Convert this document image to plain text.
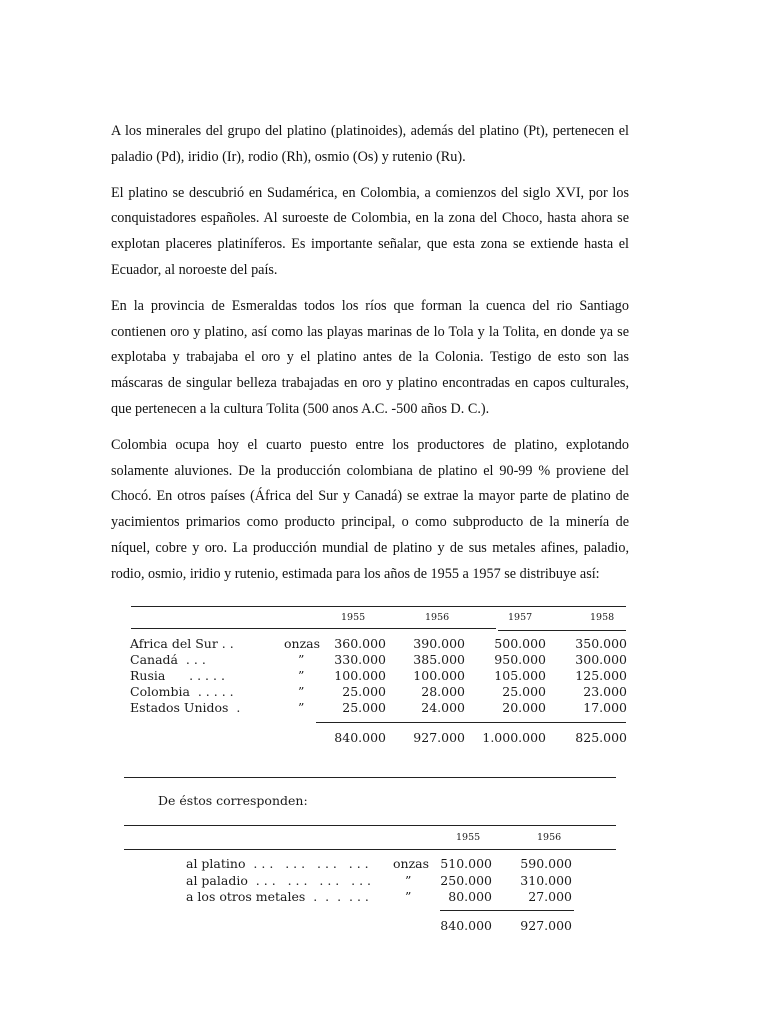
A los minerales del grupo del platino (platinoides), además del platino (Pt), pertenecen el paladio (Pd), iridio (Ir), rodio (Rh), osmio (Os) y rutenio (Ru).

El platino se descubrió en Sudamérica, en Colombia, a comienzos del siglo XVI, por los conquistadores españoles. Al suroeste de Colombia, en la zona del Choco, hasta ahora se explotan placeres platiníferos. Es importante señalar, que esta zona se extiende hasta el Ecuador, al noroeste del país.

En la provincia de Esmeraldas todos los ríos que forman la cuenca del rio Santiago contienen oro y platino, así como las playas marinas de lo Tola y la Tolita, en donde ya se explotaba y trabajaba el oro y el platino antes de la Colonia. Testigo de esto son las máscaras de singular belleza trabajadas en oro y platino encontradas en capos culturales, que pertenecen a la cultura Tolita (500 anos A.C. -500 años D. C.).

Colombia ocupa hoy el cuarto puesto entre los productores de platino, explotando solamente aluviones. De la producción colombiana de platino el 90-99 % proviene del Chocó. En otros países (África del Sur y Canadá) se extrae la mayor parte de platino de yacimientos primarios como producto principal, o como subproducto de la minería de níquel, cobre y oro. La producción mundial de platino y de sus metales afines, paladio, rodio, osmio, iridio y rutenio, estimada para los años de 1955 a 1957 se distribuye así:

1955	1956	1957	1958
Africa del Sur . .	onzas 360.000 390.000 500.000 350.000
Canadá  . . .	” 330.000 385.000 950.000 300.000
Rusia      . . . . .	” 100.000 100.000 105.000 125.000
Colombia  . . . . .	”	25.000	28.000	25.000	23.000
Estados Unidos  .	”	25.000	24.000	20.000	17.000
840.000 927.000 1.000.000 825.000
De éstos corresponden:
1955	1956
al platino  . . .   . . .   . . .   . . . onzas 510.000 590.000
al paladio  . . .   . . .   . . .   . . .	” 250.000 310.000
a los otros metales  .  .  .  . . .	”	80.000	27.000
840.000 927.000
